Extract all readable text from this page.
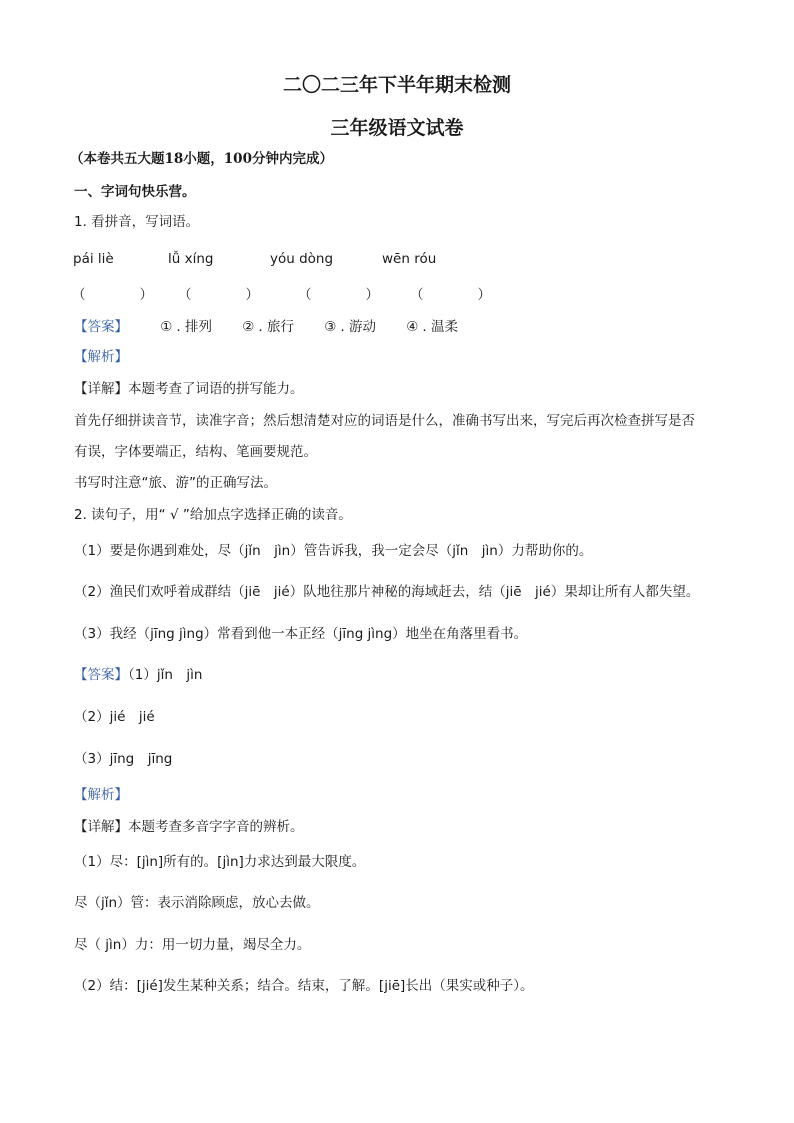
二〇二三年下半年期末检测
三年级语文试卷
（本卷共五大题18小题，100分钟内完成）
一、字词句快乐营。
1. 看拼音，写词语。
pái liè	lǚ xíng	yóu dòng	wēn róu
（　　　　） （　　　　）	（　　　　） （　　　　）
【答案】 ① . 排列 ② . 旅行 ③ . 游动 ④ . 温柔
【解析】
【详解】本题考查了词语的拼写能力。
首先仔细拼读音节，读准字音；然后想清楚对应的词语是什么，准确书写出来，写完后再次检查拼写是否
有误，字体要端正，结构、笔画要规范。
书写时注意“旅、游”的正确写法。
2. 读句子，用“ √ ”给加点字选择正确的读音。
（1）要是你遇到难处，尽（jǐn　jìn）管告诉我，我一定会尽（jǐn　jìn）力帮助你的。
（2）渔民们欢呼着成群结（jiē　jié）队地往那片神秘的海域赶去，结（jiē　jié）果却让所有人都失望。
（3）我经（jīng jìng）常看到他一本正经（jīng jìng）地坐在角落里看书。
【答案】（1）jǐn　jìn
（2）jié　jié
（3）jīng　jīng
【解析】
【详解】本题考查多音字字音的辨析。
（1）尽：[jìn]所有的。[jìn]力求达到最大限度。
尽（jǐn）管：表示消除顾虑，放心去做。
尽（ jìn）力：用一切力量，竭尽全力。
（2）结：[jié]发生某种关系；结合。结束，了解。[jiē]长出（果实或种子）。
